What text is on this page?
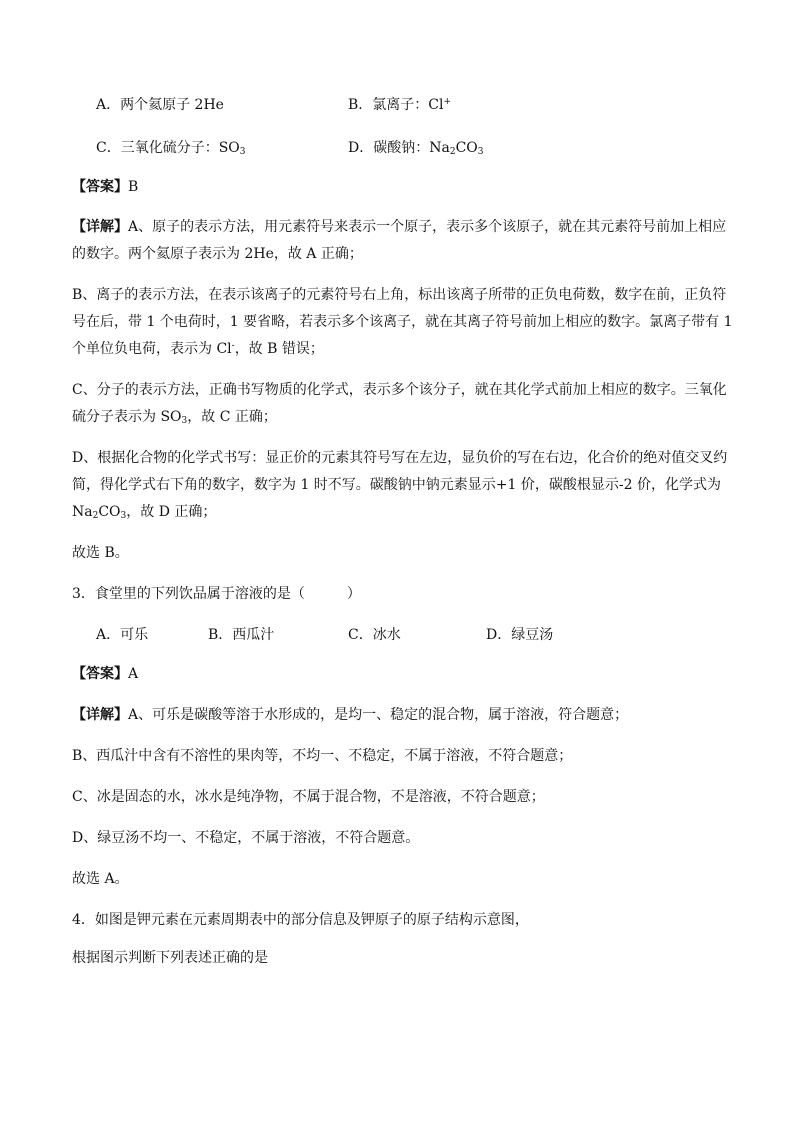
A．两个氦原子 2He	B．氯离子：Cl+
C．三氧化硫分子：$SO_3$	D．碳酸钠：$Na_2CO_3$
【答案】B
【详解】A、原子的表示方法，用元素符号来表示一个原子，表示多个该原子，就在其元素符号前加上相应
的数字。两个氦原子表示为 2He，故 A 正确；
B、离子的表示方法，在表示该离子的元素符号右上角，标出该离子所带的正负电荷数，数字在前，正负符
号在后，带 1 个电荷时，1 要省略，若表示多个该离子，就在其离子符号前加上相应的数字。氯离子带有 1
个单位负电荷，表示为 Cl-，故 B 错误；
C、分子的表示方法，正确书写物质的化学式，表示多个该分子，就在其化学式前加上相应的数字。三氧化
硫分子表示为 $SO_3$，故 C 正确；
D、根据化合物的化学式书写：显正价的元素其符号写在左边，显负价的写在右边，化合价的绝对值交叉约
简，得化学式右下角的数字，数字为 1 时不写。碳酸钠中钠元素显示+1 价，碳酸根显示-2 价，化学式为
$Na_2CO_3$，故 D 正确；
故选 B。
3．食堂里的下列饮品属于溶液的是（　　　）
A．可乐	B．西瓜汁	C．冰水	D．绿豆汤
【答案】A
【详解】A、可乐是碳酸等溶于水形成的，是均一、稳定的混合物，属于溶液，符合题意；
B、西瓜汁中含有不溶性的果肉等，不均一、不稳定，不属于溶液，不符合题意；
C、冰是固态的水，冰水是纯净物，不属于混合物，不是溶液，不符合题意；
D、绿豆汤不均一、不稳定，不属于溶液，不符合题意。
故选 A。
4．如图是钾元素在元素周期表中的部分信息及钾原子的原子结构示意图，
根据图示判断下列表述正确的是
